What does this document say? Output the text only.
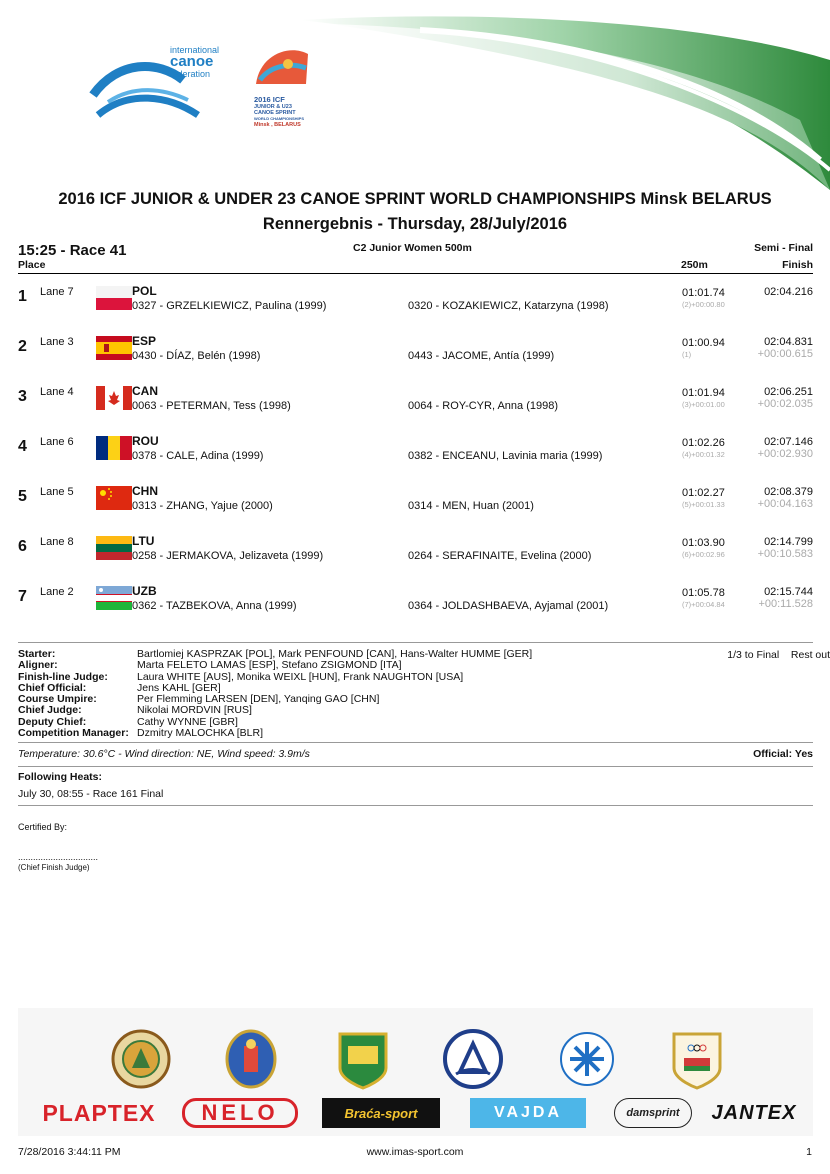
international
canoe
federation
2016 ICF
JUNIOR & U23
CANOE SPRINT
WORLD CHAMPIONSHIPS
Minsk , BELARUS
2016 ICF JUNIOR & UNDER 23 CANOE SPRINT WORLD CHAMPIONSHIPS Minsk BELARUS
Rennergebnis - Thursday, 28/July/2016
15:25 - Race 41
Place
C2 Junior Women 500m	Semi - Final
250m	Finish
1 Lane 7	POL
0327 - GRZELKIEWICZ, Paulina (1999)	0320 - KOZAKIEWICZ, Katarzyna (1998)
01:01.74
(2)+00:00.80
02:04.216
2 Lane 3	ESP
0430 - DÍAZ, Belén (1998)	0443 - JACOME, Antía (1999)
01:00.94
(1)
02:04.831
+00:00.615
3 Lane 4	CAN
0063 - PETERMAN, Tess (1998)	0064 - ROY-CYR, Anna (1998)
01:01.94
(3)+00:01.00
02:06.251
+00:02.035
4 Lane 6	ROU
0378 - CALE, Adina (1999)	0382 - ENCEANU, Lavinia maria (1999)
01:02.26
(4)+00:01.32
02:07.146
+00:02.930
5 Lane 5	CHN
0313 - ZHANG, Yajue (2000)	0314 - MEN, Huan (2001)
01:02.27
(5)+00:01.33
02:08.379
+00:04.163
6 Lane 8	LTU
0258 - JERMAKOVA, Jelizaveta (1999)	0264 - SERAFINAITE, Evelina (2000)
01:03.90
(6)+00:02.96
02:14.799
+00:10.583
7 Lane 2	UZB
0362 - TAZBEKOVA, Anna (1999)	0364 - JOLDASHBAEVA, Ayjamal (2001)
01:05.78
(7)+00:04.84
02:15.744
+00:11.528
Starter:	Bartlomiej KASPRZAK [POL], Mark PENFOUND [CAN], Hans-Walter HUMME [GER]
Aligner:	Marta FELETO LAMAS [ESP], Stefano ZSIGMOND [ITA]
Finish-line Judge:	Laura WHITE [AUS], Monika WEIXL [HUN], Frank NAUGHTON [USA]
Chief Official:	Jens KAHL [GER]
Course Umpire:	Per Flemming LARSEN [DEN], Yanqing GAO [CHN]
Chief Judge:	Nikolai MORDVIN [RUS]
Deputy Chief:	Cathy WYNNE [GBR]
Competition Manager: Dzmitry MALOCHKA [BLR]
1/3 to Final    Rest out
Temperature: 30.6°C - Wind direction: NE, Wind speed: 3.9m/s	Official: Yes
Following Heats:
July 30, 08:55 - Race 161 Final
Certified By:
................................
(Chief Finish Judge)
PLAPTEX	NELO	Braća-sport	VAJDA	damsprint	JANTEX
7/28/2016 3:44:11 PM	www.imas-sport.com	1
